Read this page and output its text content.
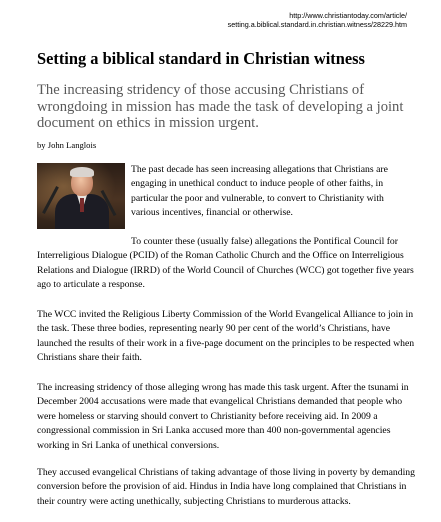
http://www.christiantoday.com/article/
setting.a.biblical.standard.in.christian.witness/28229.htm
Setting a biblical standard in Christian witness

The increasing stridency of those accusing Christians of wrongdoing in mission has made the task of developing a joint document on ethics in mission urgent.

by John Langlois

The past decade has seen increasing allegations that Christians are engaging in unethical conduct to induce people of other faiths, in particular the poor and vulnerable, to convert to Christianity with various incentives, financial or otherwise.

To counter these (usually false) allegations the Pontifical Council for Interreligious Dialogue (PCID) of the Roman Catholic Church and the Office on Interreligious Relations and Dialogue (IRRD) of the World Council of Churches (WCC) got together five years ago to articulate a response.

The WCC invited the Religious Liberty Commission of the World Evangelical Alliance to join in the task. These three bodies, representing nearly 90 per cent of the world’s Christians, have launched the results of their work in a five-page document on the principles to be respected when Christians share their faith.

The increasing stridency of those alleging wrong has made this task urgent. After the tsunami in December 2004 accusations were made that evangelical Christians demanded that people who were homeless or starving should convert to Christianity before receiving aid. In 2009 a congressional commission in Sri Lanka accused more than 400 non-governmental agencies working in Sri Lanka of unethical conversions.

They accused evangelical Christians of taking advantage of those living in poverty by demanding conversion before the provision of aid. Hindus in India have long complained that Christians in their country were acting unethically, subjecting Christians to murderous attacks.
